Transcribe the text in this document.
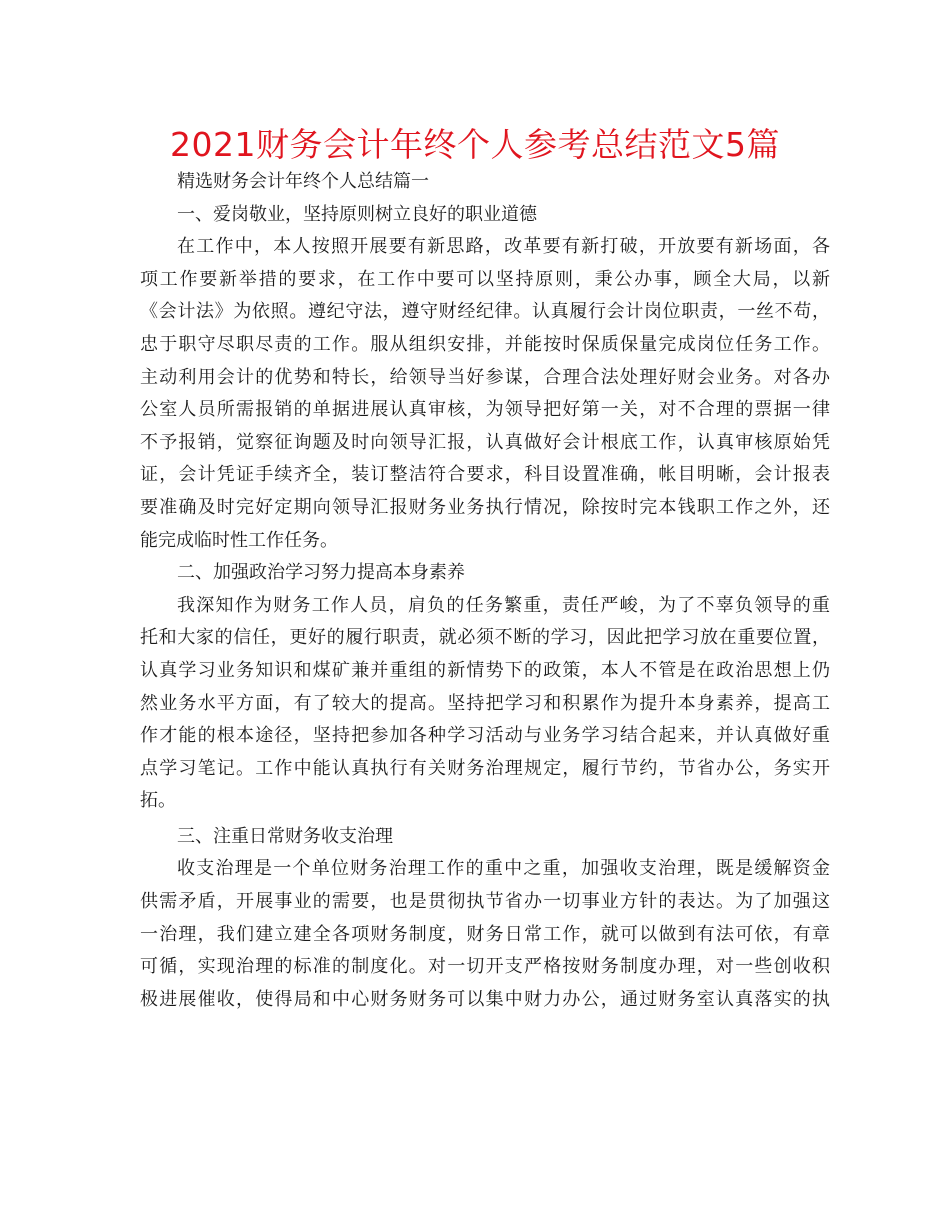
2021财务会计年终个人参考总结范文5篇
精选财务会计年终个人总结篇一
一、爱岗敬业，坚持原则树立良好的职业道德
在工作中，本人按照开展要有新思路，改革要有新打破，开放要有新场面，各
项工作要新举措的要求，在工作中要可以坚持原则，秉公办事，顾全大局，以新
《会计法》为依照。遵纪守法，遵守财经纪律。认真履行会计岗位职责，一丝不苟，
忠于职守尽职尽责的工作。服从组织安排，并能按时保质保量完成岗位任务工作。
主动利用会计的优势和特长，给领导当好参谋，合理合法处理好财会业务。对各办
公室人员所需报销的单据进展认真审核，为领导把好第一关，对不合理的票据一律
不予报销，觉察征询题及时向领导汇报，认真做好会计根底工作，认真审核原始凭
证，会计凭证手续齐全，装订整洁符合要求，科目设置准确，帐目明晰，会计报表
要准确及时完好定期向领导汇报财务业务执行情况，除按时完本钱职工作之外，还
能完成临时性工作任务。
二、加强政治学习努力提高本身素养
我深知作为财务工作人员，肩负的任务繁重，责任严峻，为了不辜负领导的重
托和大家的信任，更好的履行职责，就必须不断的学习，因此把学习放在重要位置，
认真学习业务知识和煤矿兼并重组的新情势下的政策，本人不管是在政治思想上仍
然业务水平方面，有了较大的提高。坚持把学习和积累作为提升本身素养，提高工
作才能的根本途径，坚持把参加各种学习活动与业务学习结合起来，并认真做好重
点学习笔记。工作中能认真执行有关财务治理规定，履行节约，节省办公，务实开
拓。
三、注重日常财务收支治理
收支治理是一个单位财务治理工作的重中之重，加强收支治理，既是缓解资金
供需矛盾，开展事业的需要，也是贯彻执节省办一切事业方针的表达。为了加强这
一治理，我们建立建全各项财务制度，财务日常工作，就可以做到有法可依，有章
可循，实现治理的标准的制度化。对一切开支严格按财务制度办理，对一些创收积
极进展催收，使得局和中心财务财务可以集中财力办公，通过财务室认真落实的执
